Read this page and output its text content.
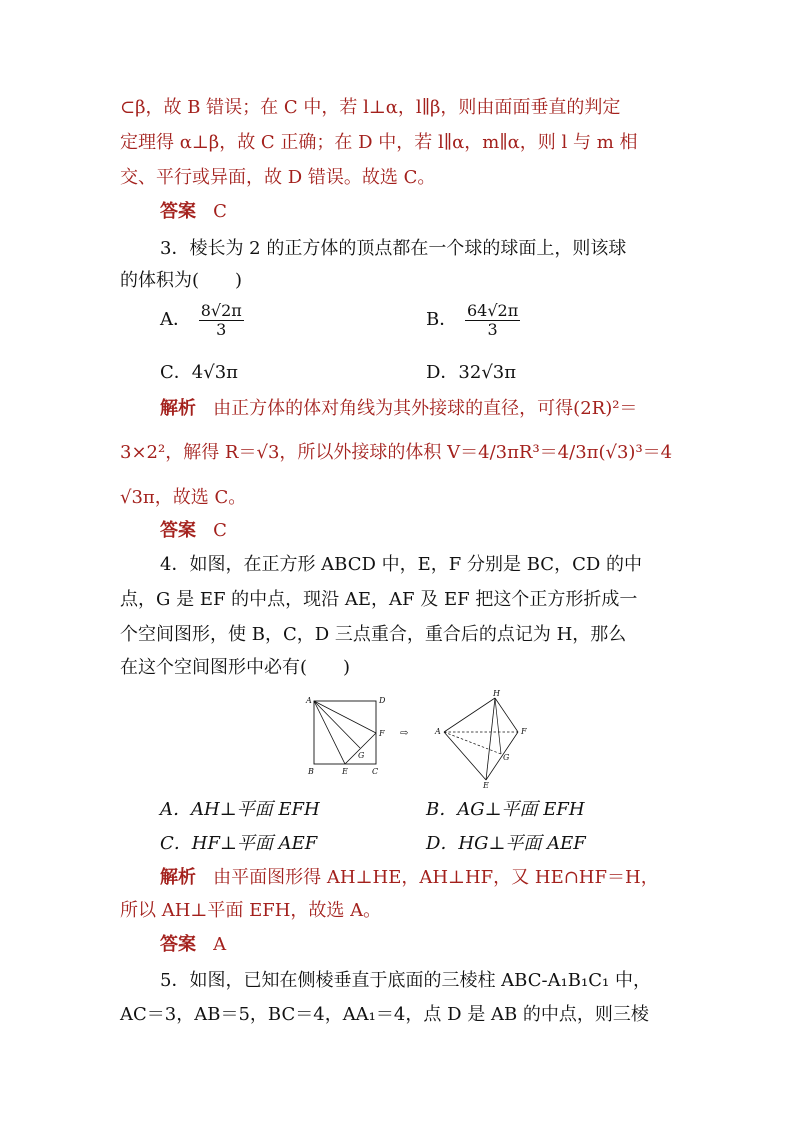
⊂β，故 B 错误；在 C 中，若 l⊥α，l∥β，则由面面垂直的判定
定理得 α⊥β，故 C 正确；在 D 中，若 l∥α，m∥α，则 l 与 m 相
交、平行或异面，故 D 错误。故选 C。
答案 C
3．棱长为 2 的正方体的顶点都在一个球的球面上，则该球
的体积为(　　)
A． $\frac{8√2\pi}{3}$	B． $\frac{64√2\pi}{3}$
C．4√3π	D．32√3π
解析 由正方体的体对角线为其外接球的直径，可得(2R)²＝
3×2²，解得 R＝√3，所以外接球的体积 V＝4/3πR³＝4/3π(√3)³＝4
√3π，故选 C。
答案 C
4．如图，在正方形 ABCD 中，E，F 分别是 BC，CD 的中
点，G 是 EF 的中点，现沿 AE，AF 及 EF 把这个正方形折成一
个空间图形，使 B，C，D 三点重合，重合后的点记为 H，那么
在这个空间图形中必有(　　)
A	D
F
G
B	E	C
⇨
H
A	F
G
E
A．AH⊥平面 EFH	B．AG⊥平面 EFH
C．HF⊥平面 AEF	D．HG⊥平面 AEF
解析 由平面图形得 AH⊥HE，AH⊥HF，又 HE∩HF＝H，
所以 AH⊥平面 EFH，故选 A。
答案 A
5．如图，已知在侧棱垂直于底面的三棱柱 ABC-A₁B₁C₁ 中，
AC＝3，AB＝5，BC＝4，AA₁＝4，点 D 是 AB 的中点，则三棱
